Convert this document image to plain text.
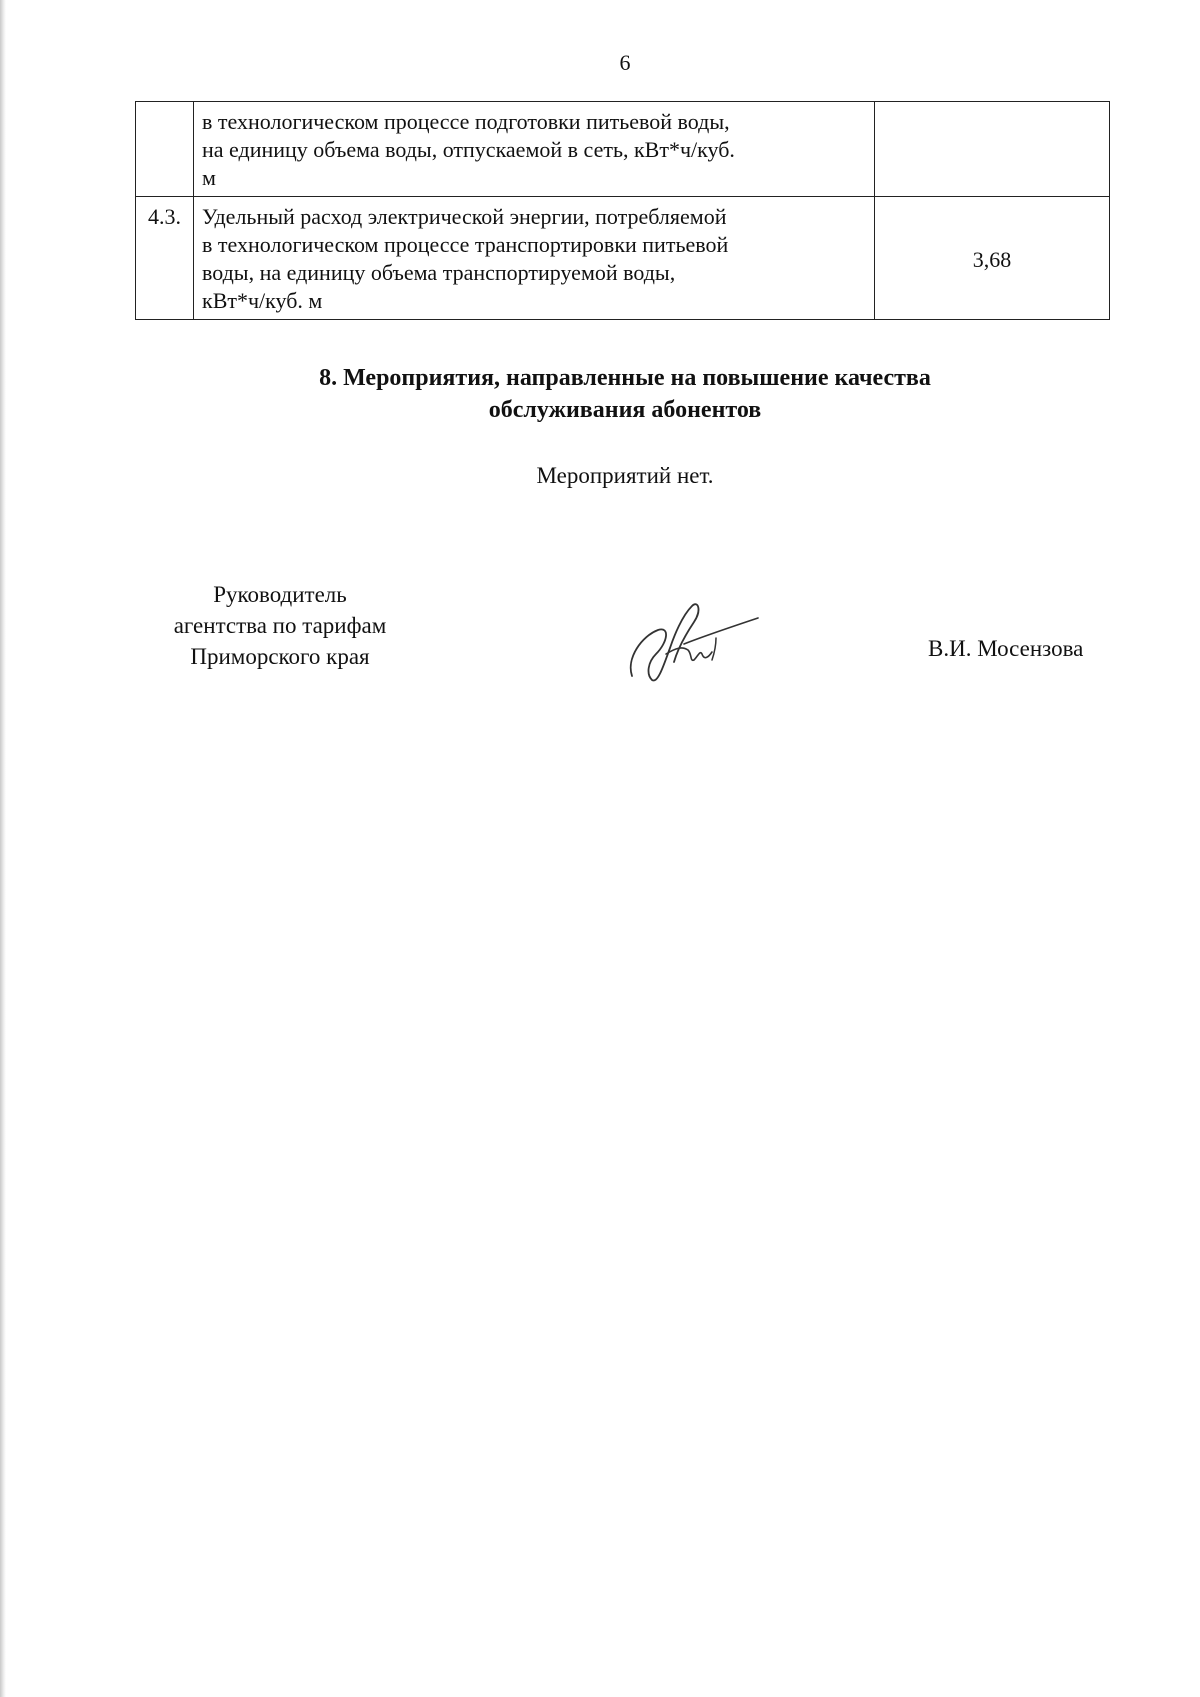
6

	в технологическом процессе подготовки питьевой воды,
на единицу объема воды, отпускаемой в сеть, кВт*ч/куб.
м	

4.3.	Удельный расход электрической энергии, потребляемой
в технологическом процессе транспортировки питьевой
воды, на единицу объема транспортируемой воды,
кВт*ч/куб. м	3,68
8. Мероприятия, направленные на повышение качества
обслуживания абонентов
Мероприятий нет.
Руководитель
агентства по тарифам
Приморского края	В.И. Мосензова
